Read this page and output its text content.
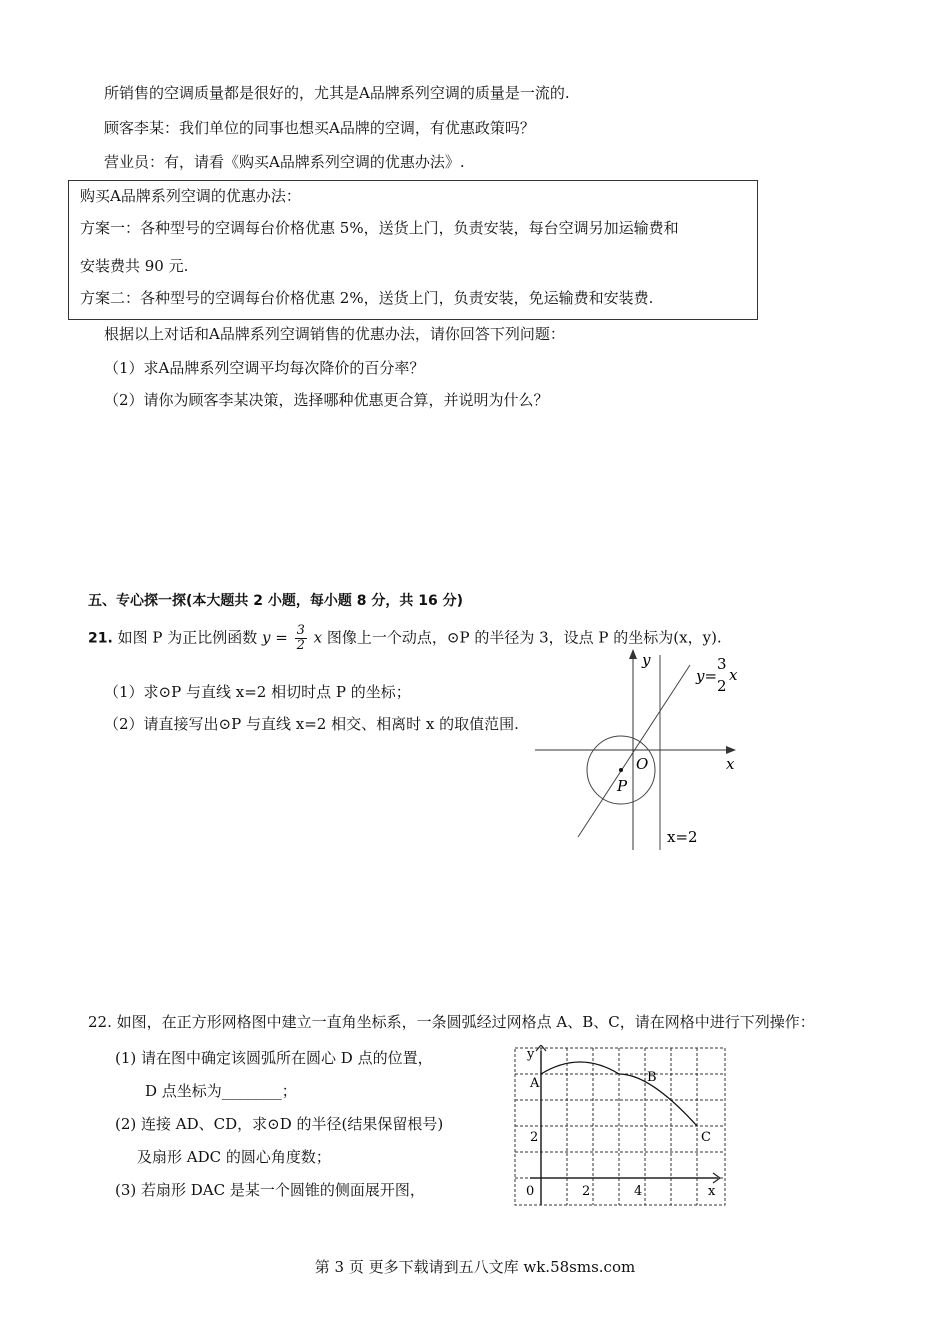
所销售的空调质量都是很好的，尤其是A品牌系列空调的质量是一流的.
顾客李某：我们单位的同事也想买A品牌的空调，有优惠政策吗？
营业员：有，请看《购买A品牌系列空调的优惠办法》.
购买A品牌系列空调的优惠办法：
方案一：各种型号的空调每台价格优惠 5%，送货上门，负责安装，每台空调另加运输费和
安装费共 90 元.
方案二：各种型号的空调每台价格优惠 2%，送货上门，负责安装，免运输费和安装费.
根据以上对话和A品牌系列空调销售的优惠办法，请你回答下列问题：
（1）求A品牌系列空调平均每次降价的百分率？
（2）请你为顾客李某决策，选择哪种优惠更合算，并说明为什么？
五、专心探一探(本大题共 2 小题，每小题 8 分，共 16 分)
21. 如图 P 为正比例函数 $y = \frac{3}{2}$ x 图像上一个动点，⊙P 的半径为 3，设点 P 的坐标为(x，y).
（1）求⊙P 与直线 x=2 相切时点 P 的坐标；
（2）请直接写出⊙P 与直线 x=2 相交、相离时 x 的取值范围.
y
x
O
P
y=
3
2
x
x=2
22. 如图，在正方形网格图中建立一直角坐标系，一条圆弧经过网格点 A、B、C，请在网格中进行下列操作：
(1) 请在图中确定该圆弧所在圆心 D 点的位置，
D 点坐标为________；
(2) 连接 AD、CD，求⊙D 的半径(结果保留根号)
及扇形 ADC 的圆心角度数；
(3) 若扇形 DAC 是某一个圆锥的侧面展开图，
y
x
A	B
C
2
0	2	4
第 3 页 更多下载请到五八文库 wk.58sms.com
